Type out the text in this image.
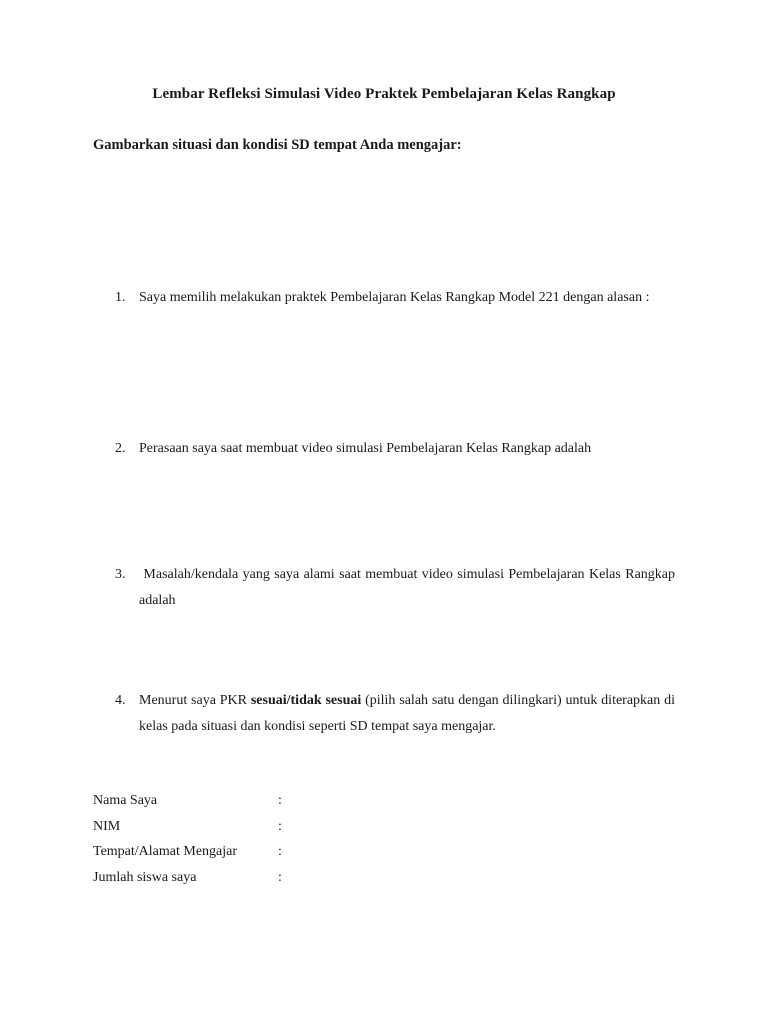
Lembar Refleksi Simulasi Video Praktek Pembelajaran Kelas Rangkap
Gambarkan situasi dan kondisi SD tempat Anda mengajar:
1. Saya memilih melakukan praktek Pembelajaran Kelas Rangkap Model 221 dengan alasan :
2. Perasaan saya saat membuat video simulasi Pembelajaran Kelas Rangkap adalah
3. Masalah/kendala yang saya alami saat membuat video simulasi Pembelajaran Kelas Rangkap adalah
4. Menurut saya PKR sesuai/tidak sesuai (pilih salah satu dengan dilingkari) untuk diterapkan di kelas pada situasi dan kondisi seperti SD tempat saya mengajar.
Nama Saya	:
NIM	:
Tempat/Alamat Mengajar	:
Jumlah siswa saya	:
